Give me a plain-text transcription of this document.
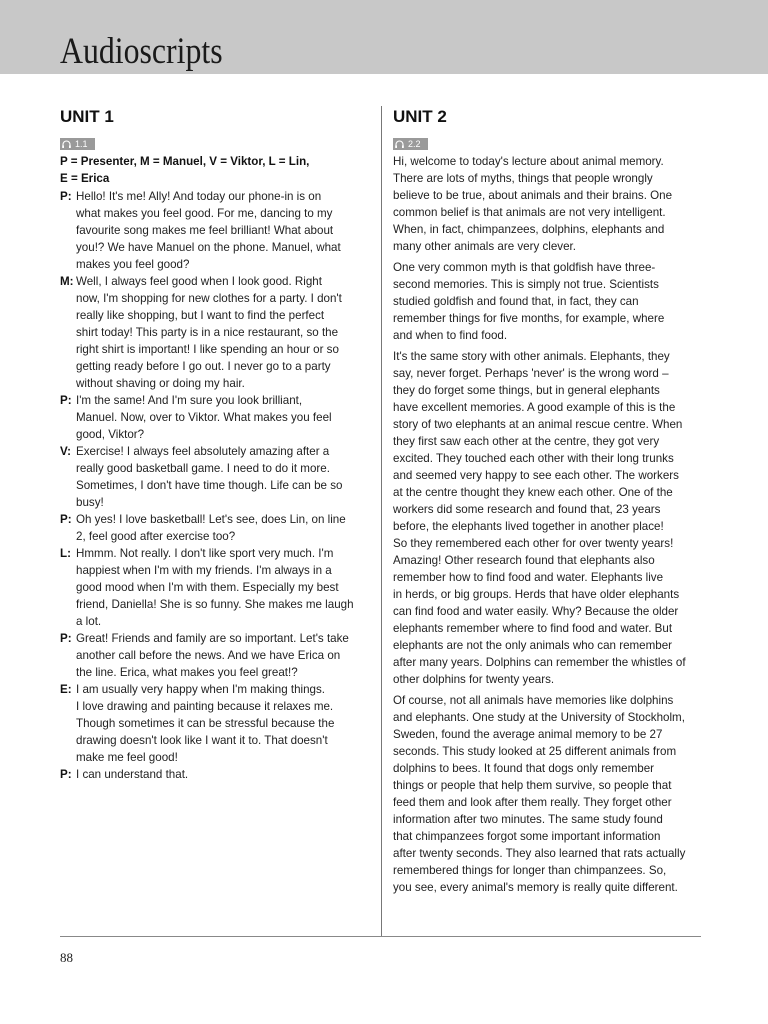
Audioscripts
UNIT 1
1.1
P = Presenter, M = Manuel, V = Viktor, L = Lin,
E = Erica
P: Hello! It's me! Ally! And today our phone-in is on
what makes you feel good. For me, dancing to my
favourite song makes me feel brilliant! What about
you!? We have Manuel on the phone. Manuel, what
makes you feel good?
M: Well, I always feel good when I look good. Right
now, I'm shopping for new clothes for a party. I don't
really like shopping, but I want to find the perfect
shirt today! This party is in a nice restaurant, so the
right shirt is important! I like spending an hour or so
getting ready before I go out. I never go to a party
without shaving or doing my hair.
P: I'm the same! And I'm sure you look brilliant,
Manuel. Now, over to Viktor. What makes you feel
good, Viktor?
V: Exercise! I always feel absolutely amazing after a
really good basketball game. I need to do it more.
Sometimes, I don't have time though. Life can be so
busy!
P: Oh yes! I love basketball! Let's see, does Lin, on line
2, feel good after exercise too?
L: Hmmm. Not really. I don't like sport very much. I'm
happiest when I'm with my friends. I'm always in a
good mood when I'm with them. Especially my best
friend, Daniella! She is so funny. She makes me laugh
a lot.
P: Great! Friends and family are so important. Let's take
another call before the news. And we have Erica on
the line. Erica, what makes you feel great!?
E: I am usually very happy when I'm making things.
I love drawing and painting because it relaxes me.
Though sometimes it can be stressful because the
drawing doesn't look like I want it to. That doesn't
make me feel good!
P: I can understand that.
UNIT 2
2.2
Hi, welcome to today's lecture about animal memory.
There are lots of myths, things that people wrongly
believe to be true, about animals and their brains. One
common belief is that animals are not very intelligent.
When, in fact, chimpanzees, dolphins, elephants and
many other animals are very clever.
One very common myth is that goldfish have three-
second memories. This is simply not true. Scientists
studied goldfish and found that, in fact, they can
remember things for five months, for example, where
and when to find food.
It's the same story with other animals. Elephants, they
say, never forget. Perhaps 'never' is the wrong word –
they do forget some things, but in general elephants
have excellent memories. A good example of this is the
story of two elephants at an animal rescue centre. When
they first saw each other at the centre, they got very
excited. They touched each other with their long trunks
and seemed very happy to see each other. The workers
at the centre thought they knew each other. One of the
workers did some research and found that, 23 years
before, the elephants lived together in another place!
So they remembered each other for over twenty years!
Amazing! Other research found that elephants also
remember how to find food and water. Elephants live
in herds, or big groups. Herds that have older elephants
can find food and water easily. Why? Because the older
elephants remember where to find food and water. But
elephants are not the only animals who can remember
after many years. Dolphins can remember the whistles of
other dolphins for twenty years.
Of course, not all animals have memories like dolphins
and elephants. One study at the University of Stockholm,
Sweden, found the average animal memory to be 27
seconds. This study looked at 25 different animals from
dolphins to bees. It found that dogs only remember
things or people that help them survive, so people that
feed them and look after them really. They forget other
information after two minutes. The same study found
that chimpanzees forgot some important information
after twenty seconds. They also learned that rats actually
remembered things for longer than chimpanzees. So,
you see, every animal's memory is really quite different.
88
